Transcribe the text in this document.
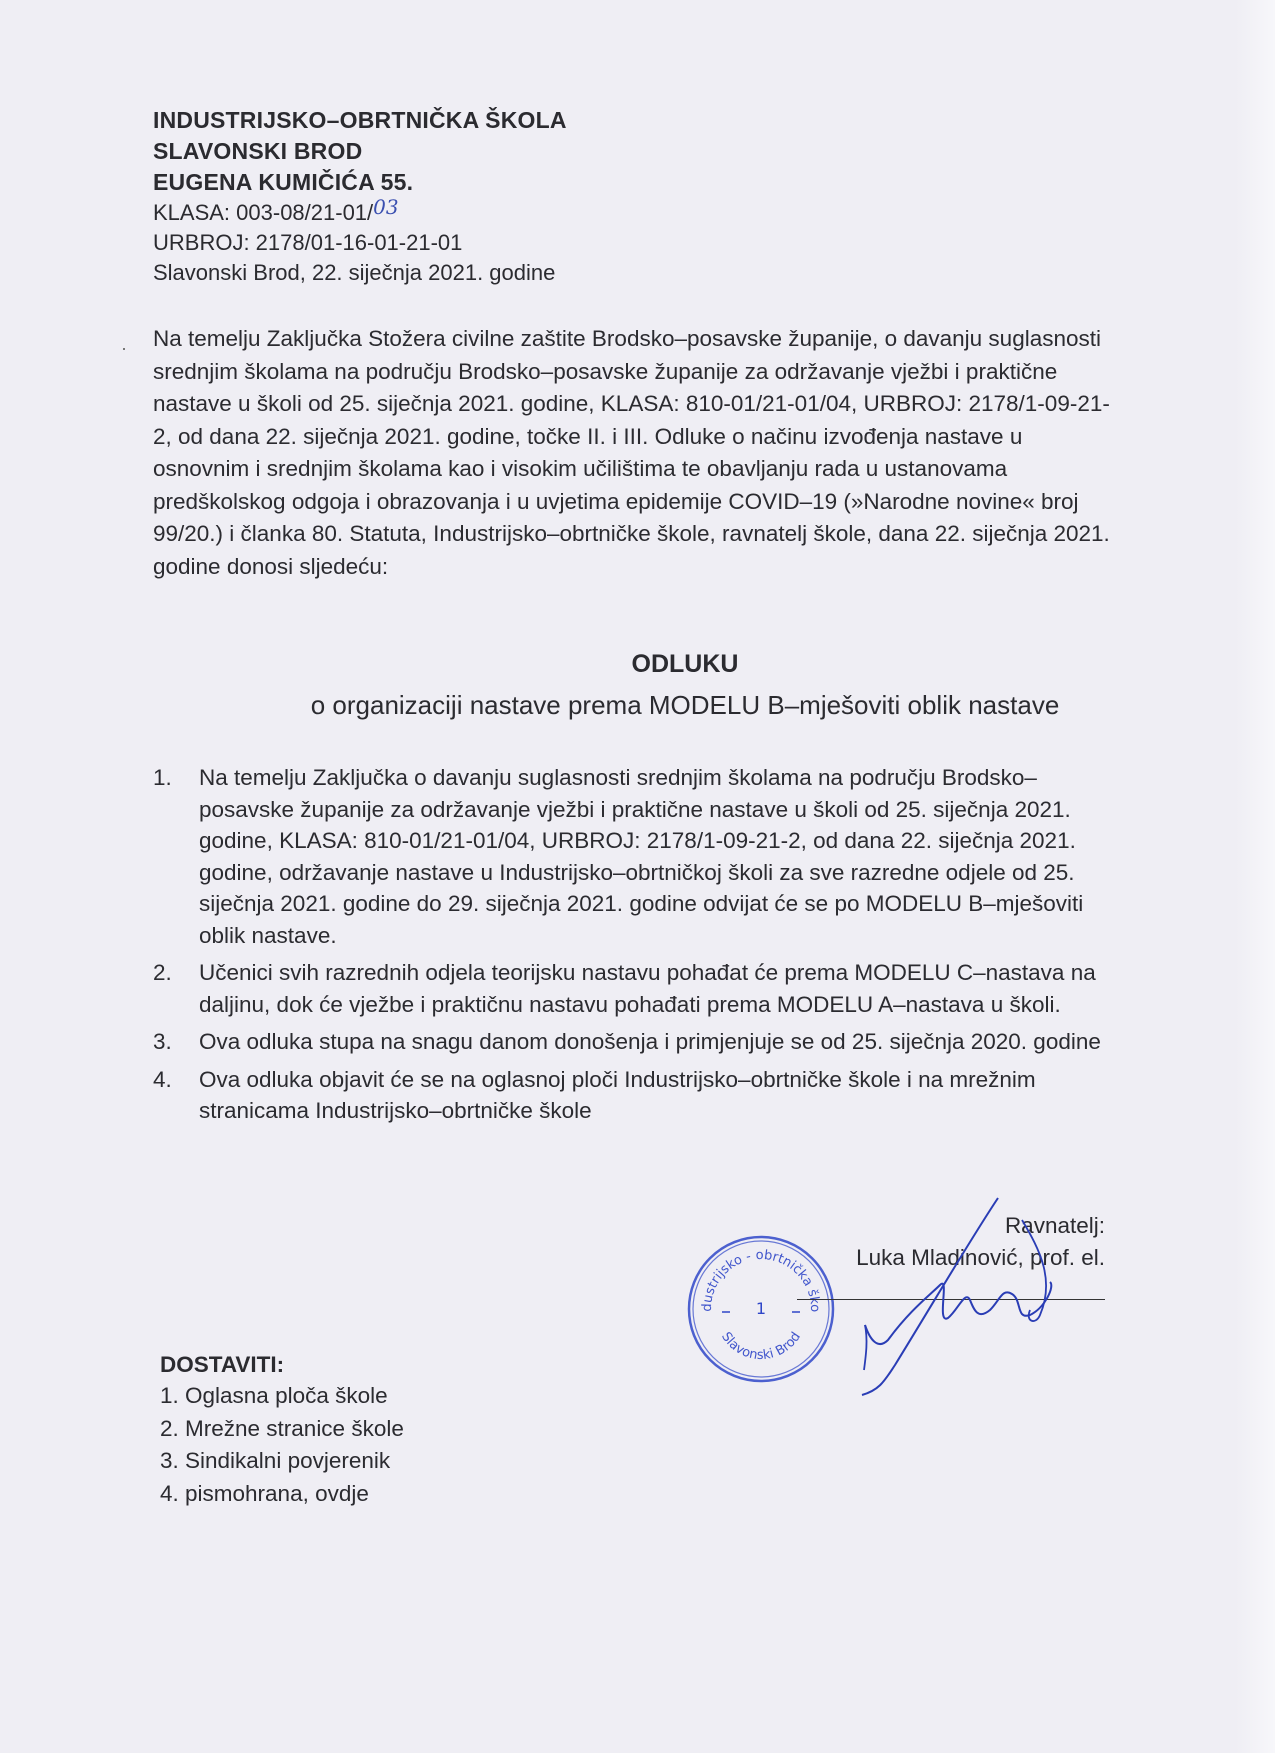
INDUSTRIJSKO–OBRTNIČKA ŠKOLA
SLAVONSKI BROD
EUGENA KUMIČIĆA 55.
KLASA: 003-08/21-01/03
URBROJ: 2178/01-16-01-21-01
Slavonski Brod, 22. siječnja 2021. godine
Na temelju Zaključka Stožera civilne zaštite Brodsko–posavske županije, o davanju suglasnosti srednjim školama na području Brodsko–posavske županije za održavanje vježbi i praktične nastave u školi od 25. siječnja 2021. godine, KLASA: 810-01/21-01/04, URBROJ: 2178/1-09-21-2, od dana 22. siječnja 2021. godine, točke II. i III. Odluke o načinu izvođenja nastave u osnovnim i srednjim školama kao i visokim učilištima te obavljanju rada u ustanovama predškolskog odgoja i obrazovanja i u uvjetima epidemije COVID–19 (»Narodne novine« broj 99/20.) i članka 80. Statuta, Industrijsko–obrtničke škole, ravnatelj škole, dana 22. siječnja 2021. godine donosi sljedeću:
ODLUKU
o organizaciji nastave prema MODELU B–mješoviti oblik nastave
1.	Na temelju Zaključka o davanju suglasnosti srednjim školama na području Brodsko–posavske županije za održavanje vježbi i praktične nastave u školi od 25. siječnja 2021. godine, KLASA: 810-01/21-01/04, URBROJ: 2178/1-09-21-2, od dana 22. siječnja 2021. godine, održavanje nastave u Industrijsko–obrtničkoj školi za sve razredne odjele od 25. siječnja 2021. godine do 29. siječnja 2021. godine odvijat će se po MODELU B–mješoviti oblik nastave.
2.	Učenici svih razrednih odjela teorijsku nastavu pohađat će prema MODELU C–nastava na daljinu, dok će vježbe i praktičnu nastavu pohađati prema MODELU A–nastava u školi.
3.	Ova odluka stupa na snagu danom donošenja i primjenjuje se od 25. siječnja 2020. godine
4.	Ova odluka objavit će se na oglasnoj ploči Industrijsko–obrtničke škole i na mrežnim stranicama Industrijsko–obrtničke škole
dustrijsko - obrtnička ško
Slavonski Brod
1
Ravnatelj:
Luka Mladinović, prof. el.
DOSTAVITI:
1. Oglasna ploča škole
2. Mrežne stranice škole
3. Sindikalni povjerenik
4. pismohrana, ovdje
